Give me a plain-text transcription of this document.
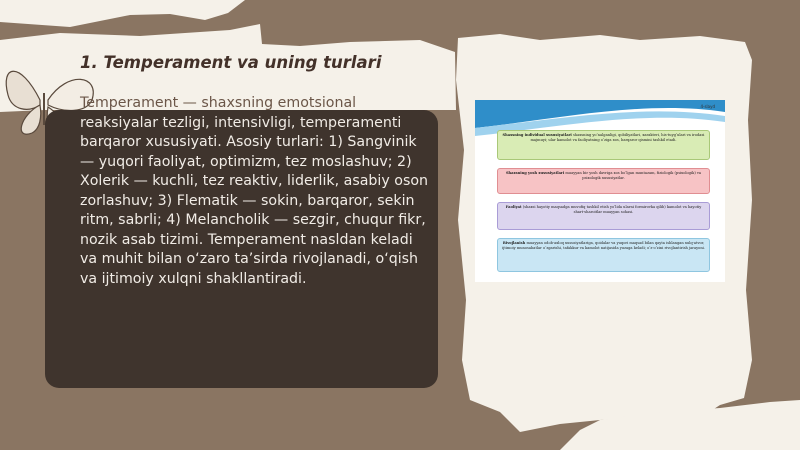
1. Temperament va uning turlari

Temperament — shaxsning emotsional
reaksiyalar tezligi, intensivligi, temperamenti barqaror xususiyati. Asosiy turlari: 1) Sangvinik — yuqori faoliyat, optimizm, tez moslashuv; 2) Xolerik — kuchli, tez reaktiv, liderlik, asabiy oson zorlashuv; 3) Flematik — sokin, barqaror, sekin ritm, sabrli; 4) Melancholik — sezgir, chuqur fikr, nozik asab tizimi. Temperament nasldan keladi va muhit bilan o‘zaro ta’sirda rivojlanadi, o‘qish va ijtimoiy xulqni shakllantiradi.

4-slayd
Shaxsning individual xususiyatlari shaxsning yo‘nalganligi, qobiliyatlari, xarakteri, his-tuyg‘ulari va irodasi majmuyi; ular kamolot va faoliyatning o‘ziga xos, barqaror qismini tashkil etadi.
Shaxsning yosh xususiyatlari muayyan bir yosh davriga xos bo‘lgan muntazam, fiziologik (psixologik) va psixologik xususiyatlar.
Faoliyat (shaxsi hayotiy maqsadga muvofiq tashkil etish yo‘lida ularni formirovka qilib) kamolot va hayotiy shart-sharoitlar muayyan sohasi.
Rivojlanish muayyan odob-axloq xususiyatlariga, qoidalar va yuqori maqsad bilan qayta ishlangan xulq-atvor, ijtimoiy munosabatlar o‘zgarishi, tafakkur va kamolot natijasida yuzaga keladi; o‘z-o‘zini rivojlantirish jarayoni.
